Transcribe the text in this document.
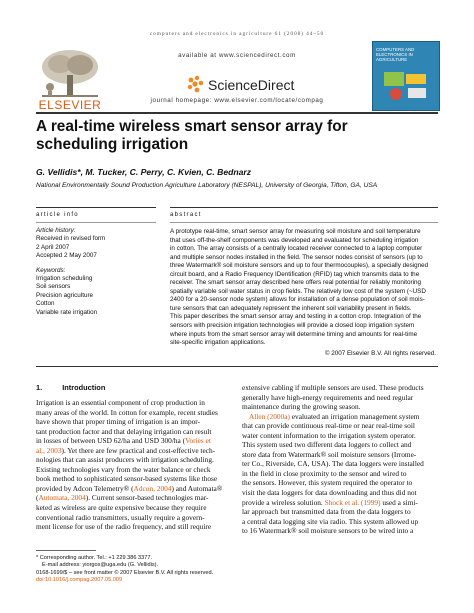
computers and electronics in agriculture 61 (2008) 44–50
ELSEVIER
available at www.sciencedirect.com
ScienceDirect
journal homepage: www.elsevier.com/locate/compag
COMPUTERS AND ELECTRONICS IN AGRICULTURE
A real-time wireless smart sensor array for
scheduling irrigation
G. Vellidis*, M. Tucker, C. Perry, C. Kvien, C. Bednarz
National Environmentally Sound Production Agriculture Laboratory (NESPAL), University of Georgia, Tifton, GA, USA
article info	abstract
Article history:
Received in revised form
2 April 2007
Accepted 2 May 2007
Keywords:
Irrigation scheduling
Soil sensors
Precision agriculture
Cotton
Variable rate irrigation
A prototype real-time, smart sensor array for measuring soil moisture and soil temperature
that uses off-the-shelf components was developed and evaluated for scheduling irrigation
in cotton. The array consists of a centrally located receiver connected to a laptop computer
and multiple sensor nodes installed in the field. The sensor nodes consist of sensors (up to
three Watermark® soil moisture sensors and up to four thermocouples), a specially designed
circuit board, and a Radio Frequency IDentification (RFID) tag which transmits data to the
receiver. The smart sensor array described here offers real potential for reliably monitoring
spatially variable soil water status in crop fields. The relatively low cost of the system (~USD
2400 for a 20-sensor node system) allows for installation of a dense population of soil mois-
ture sensors that can adequately represent the inherent soil variability present in fields.
This paper describes the smart sensor array and testing in a cotton crop. Integration of the
sensors with precision irrigation technologies will provide a closed loop irrigation system
where inputs from the smart sensor array will determine timing and amounts for real-time
site-specific irrigation applications.
© 2007 Elsevier B.V. All rights reserved.
1.	Introduction
Irrigation is an essential component of crop production in
many areas of the world. In cotton for example, recent studies
have shown that proper timing of irrigation is an impor-
tant production factor and that delaying irrigation can result
in losses of between USD 62/ha and USD 300/ha (Vories et
al., 2003). Yet there are few practical and cost-effective tech-
nologies that can assist producers with irrigation scheduling.
Existing technologies vary from the water balance or check
book method to sophisticated sensor-based systems like those
provided by Adcon Telemetry® (Adcon, 2004) and Automata®
(Automata, 2004). Current sensor-based technologies mar-
keted as wireless are quite expensive because they require
conventional radio transmitters, usually require a govern-
ment license for use of the radio frequency, and still require
extensive cabling if multiple sensors are used. These products
generally have high-energy requirements and need regular
maintenance during the growing season.
Allen (2000a) evaluated an irrigation management system
that can provide continuous real-time or near real-time soil
water content information to the irrigation system operator.
This system used two different data loggers to collect and
store data from Watermark® soil moisture sensors (Irrome-
ter Co., Riverside, CA, USA). The data loggers were installed
in the field in close proximity to the sensor and wired to
the sensors. However, this system required the operator to
visit the data loggers for data downloading and thus did not
provide a wireless solution. Shock et al. (1999) used a simi-
lar approach but transmitted data from the data loggers to
a central data logging site via radio. This system allowed up
to 16 Watermark® soil moisture sensors to be wired into a
* Corresponding author. Tel.: +1 229 386 3377.
E-mail address: yiorgos@uga.edu (G. Vellidis).
0168-1699/$ – see front matter © 2007 Elsevier B.V. All rights reserved.
doi:10.1016/j.compag.2007.05.009
